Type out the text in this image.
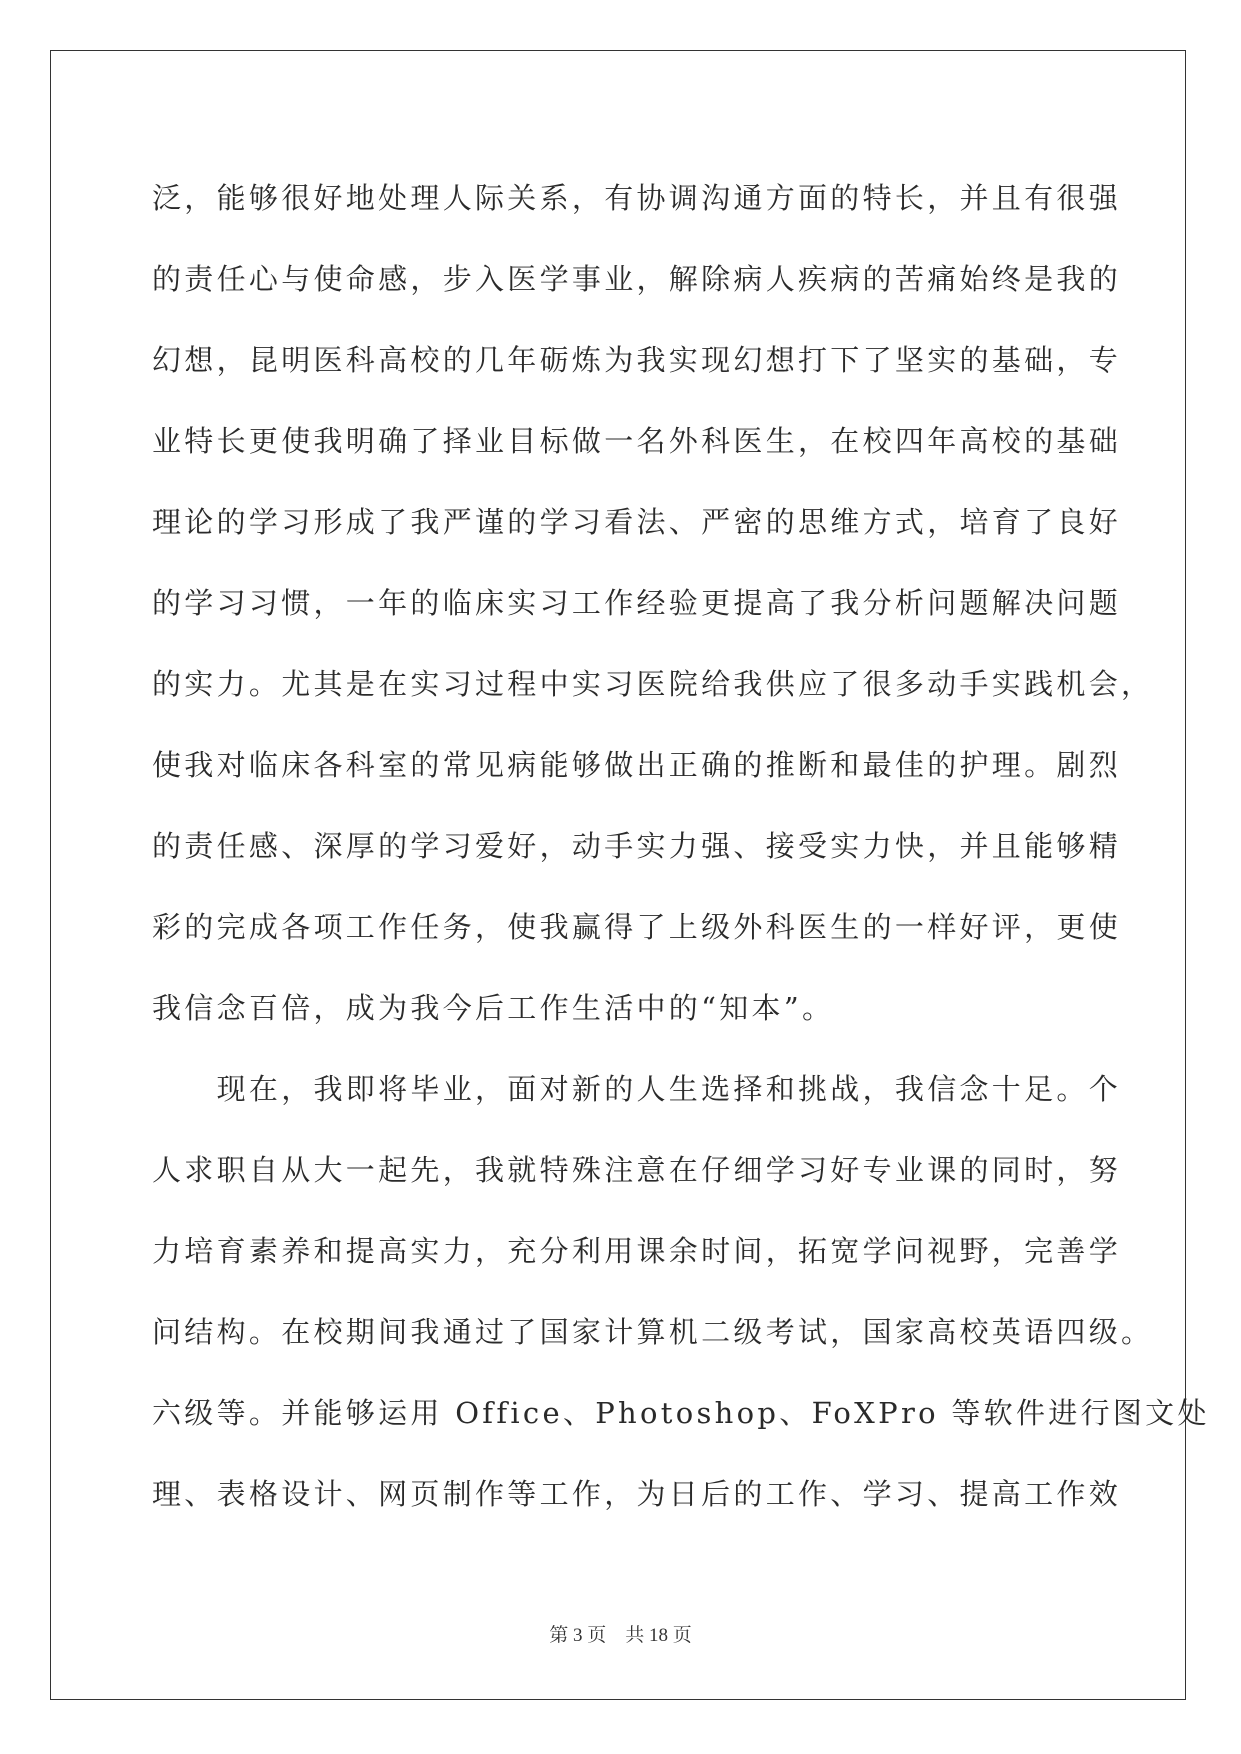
泛，能够很好地处理人际关系，有协调沟通方面的特长，并且有很强
的责任心与使命感，步入医学事业，解除病人疾病的苦痛始终是我的
幻想，昆明医科高校的几年砺炼为我实现幻想打下了坚实的基础，专
业特长更使我明确了择业目标做一名外科医生，在校四年高校的基础
理论的学习形成了我严谨的学习看法、严密的思维方式，培育了良好
的学习习惯，一年的临床实习工作经验更提高了我分析问题解决问题
的实力。尤其是在实习过程中实习医院给我供应了很多动手实践机会，
使我对临床各科室的常见病能够做出正确的推断和最佳的护理。剧烈
的责任感、深厚的学习爱好，动手实力强、接受实力快，并且能够精
彩的完成各项工作任务，使我赢得了上级外科医生的一样好评，更使
我信念百倍，成为我今后工作生活中的“知本”。
　　现在，我即将毕业，面对新的人生选择和挑战，我信念十足。个
人求职自从大一起先，我就特殊注意在仔细学习好专业课的同时，努
力培育素养和提高实力，充分利用课余时间，拓宽学问视野，完善学
问结构。在校期间我通过了国家计算机二级考试，国家高校英语四级。
六级等。并能够运用 Office、Photoshop、FoXPro 等软件进行图文处
理、表格设计、网页制作等工作，为日后的工作、学习、提高工作效
第 3 页    共 18 页
